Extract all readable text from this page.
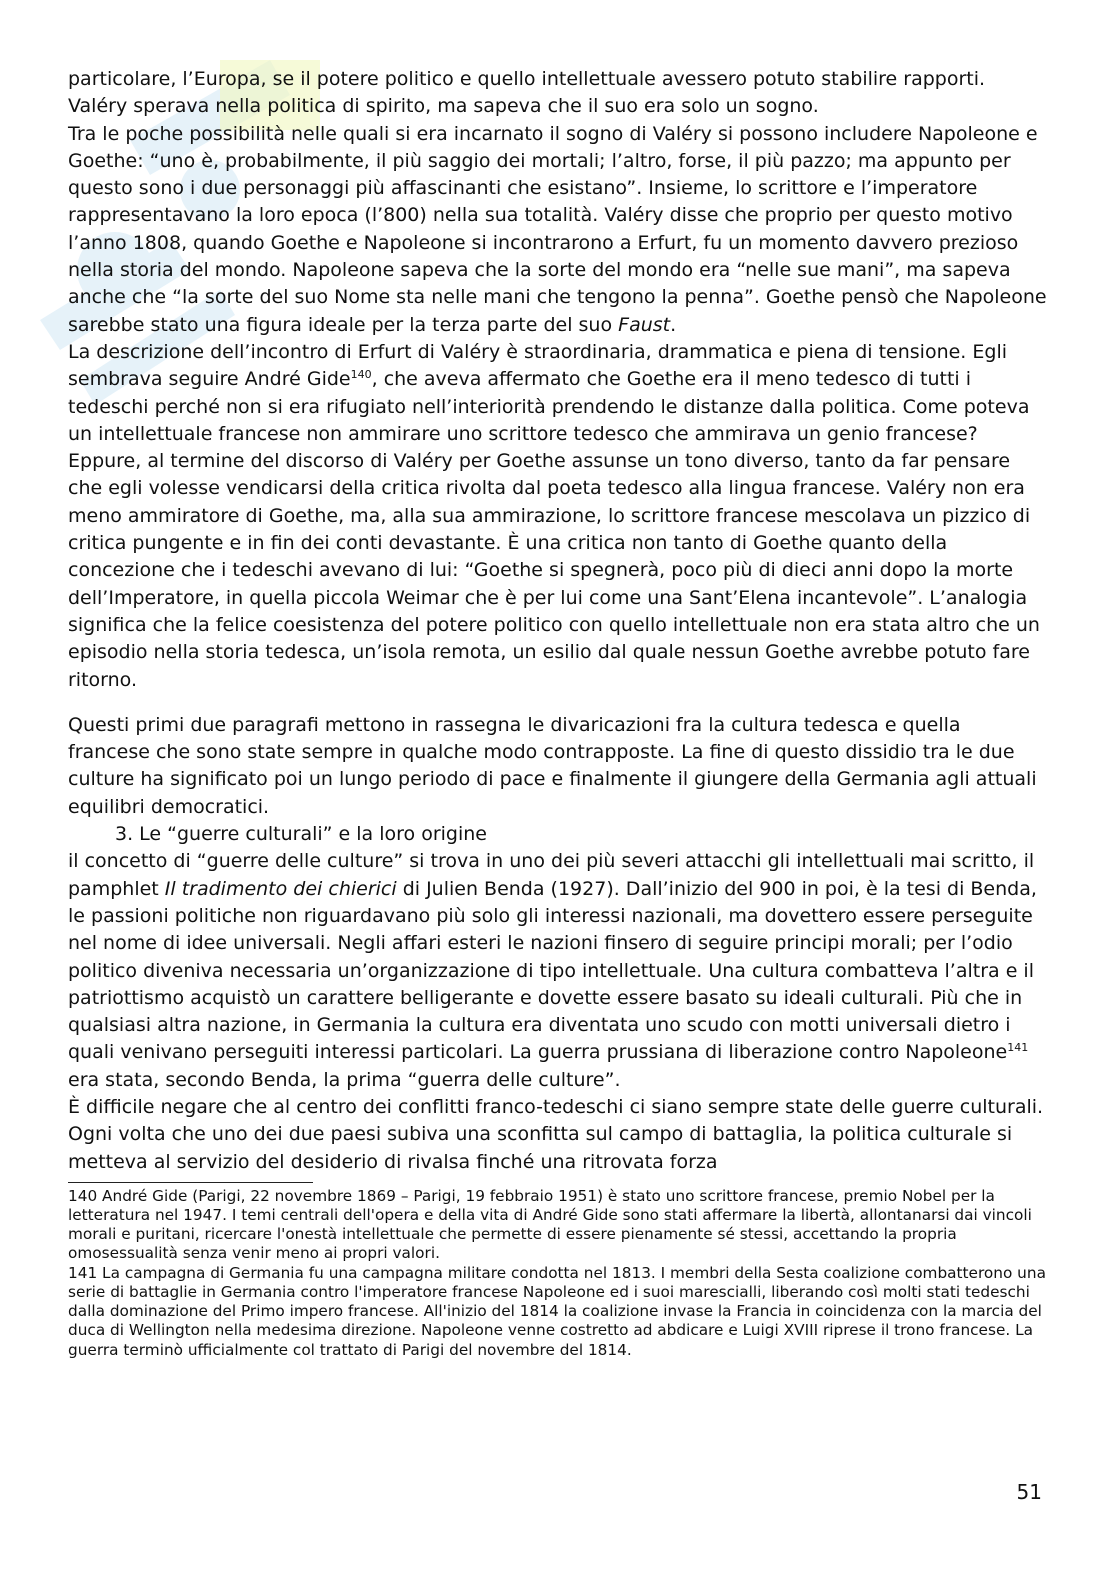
particolare, l’Europa, se il potere politico e quello intellettuale avessero potuto stabilire rapporti. Valéry sperava nella politica di spirito, ma sapeva che il suo era solo un sogno.

Tra le poche possibilità nelle quali si era incarnato il sogno di Valéry si possono includere Napoleone e Goethe: “uno è, probabilmente, il più saggio dei mortali; l’altro, forse, il più pazzo; ma appunto per questo sono i due personaggi più affascinanti che esistano”. Insieme, lo scrittore e l’imperatore rappresentavano la loro epoca (l’800) nella sua totalità. Valéry disse che proprio per questo motivo l’anno 1808, quando Goethe e Napoleone si incontrarono a Erfurt, fu un momento davvero prezioso nella storia del mondo. Napoleone sapeva che la sorte del mondo era “nelle sue mani”, ma sapeva anche che “la sorte del suo Nome sta nelle mani che tengono la penna”. Goethe pensò che Napoleone sarebbe stato una figura ideale per la terza parte del suo Faust.

La descrizione dell’incontro di Erfurt di Valéry è straordinaria, drammatica e piena di tensione. Egli sembrava seguire André Gide$^{140}$, che aveva affermato che Goethe era il meno tedesco di tutti i tedeschi perché non si era rifugiato nell’interiorità prendendo le distanze dalla politica. Come poteva un intellettuale francese non ammirare uno scrittore tedesco che ammirava un genio francese?

Eppure, al termine del discorso di Valéry per Goethe assunse un tono diverso, tanto da far pensare che egli volesse vendicarsi della critica rivolta dal poeta tedesco alla lingua francese. Valéry non era meno ammiratore di Goethe, ma, alla sua ammirazione, lo scrittore francese mescolava un pizzico di critica pungente e in fin dei conti devastante. È una critica non tanto di Goethe quanto della concezione che i tedeschi avevano di lui: “Goethe si spegnerà, poco più di dieci anni dopo la morte dell’Imperatore, in quella piccola Weimar che è per lui come una Sant’Elena incantevole”. L’analogia significa che la felice coesistenza del potere politico con quello intellettuale non era stata altro che un episodio nella storia tedesca, un’isola remota, un esilio dal quale nessun Goethe avrebbe potuto fare ritorno.

Questi primi due paragrafi mettono in rassegna le divaricazioni fra la cultura tedesca e quella francese che sono state sempre in qualche modo contrapposte. La fine di questo dissidio tra le due culture ha significato poi un lungo periodo di pace e finalmente il giungere della Germania agli attuali equilibri democratici.

3. Le “guerre culturali” e la loro origine

il concetto di “guerre delle culture” si trova in uno dei più severi attacchi gli intellettuali mai scritto, il pamphlet Il tradimento dei chierici di Julien Benda (1927). Dall’inizio del 900 in poi, è la tesi di Benda, le passioni politiche non riguardavano più solo gli interessi nazionali, ma dovettero essere perseguite nel nome di idee universali. Negli affari esteri le nazioni finsero di seguire principi morali; per l’odio politico diveniva necessaria un’organizzazione di tipo intellettuale. Una cultura combatteva l’altra e il patriottismo acquistò un carattere belligerante e dovette essere basato su ideali culturali. Più che in qualsiasi altra nazione, in Germania la cultura era diventata uno scudo con motti universali dietro i quali venivano perseguiti interessi particolari. La guerra prussiana di liberazione contro Napoleone$^{141}$ era stata, secondo Benda, la prima “guerra delle culture”.

È difficile negare che al centro dei conflitti franco-tedeschi ci siano sempre state delle guerre culturali. Ogni volta che uno dei due paesi subiva una sconfitta sul campo di battaglia, la politica culturale si metteva al servizio del desiderio di rivalsa finché una ritrovata forza

140 André Gide (Parigi, 22 novembre 1869 – Parigi, 19 febbraio 1951) è stato uno scrittore francese, premio Nobel per la letteratura nel 1947. I temi centrali dell'opera e della vita di André Gide sono stati affermare la libertà, allontanarsi dai vincoli morali e puritani, ricercare l'onestà intellettuale che permette di essere pienamente sé stessi, accettando la propria omosessualità senza venir meno ai propri valori.

141 La campagna di Germania fu una campagna militare condotta nel 1813. I membri della Sesta coalizione combatterono una serie di battaglie in Germania contro l'imperatore francese Napoleone ed i suoi marescialli, liberando così molti stati tedeschi dalla dominazione del Primo impero francese. All'inizio del 1814 la coalizione invase la Francia in coincidenza con la marcia del duca di Wellington nella medesima direzione. Napoleone venne costretto ad abdicare e Luigi XVIII riprese il trono francese. La guerra terminò ufficialmente col trattato di Parigi del novembre del 1814.

51
